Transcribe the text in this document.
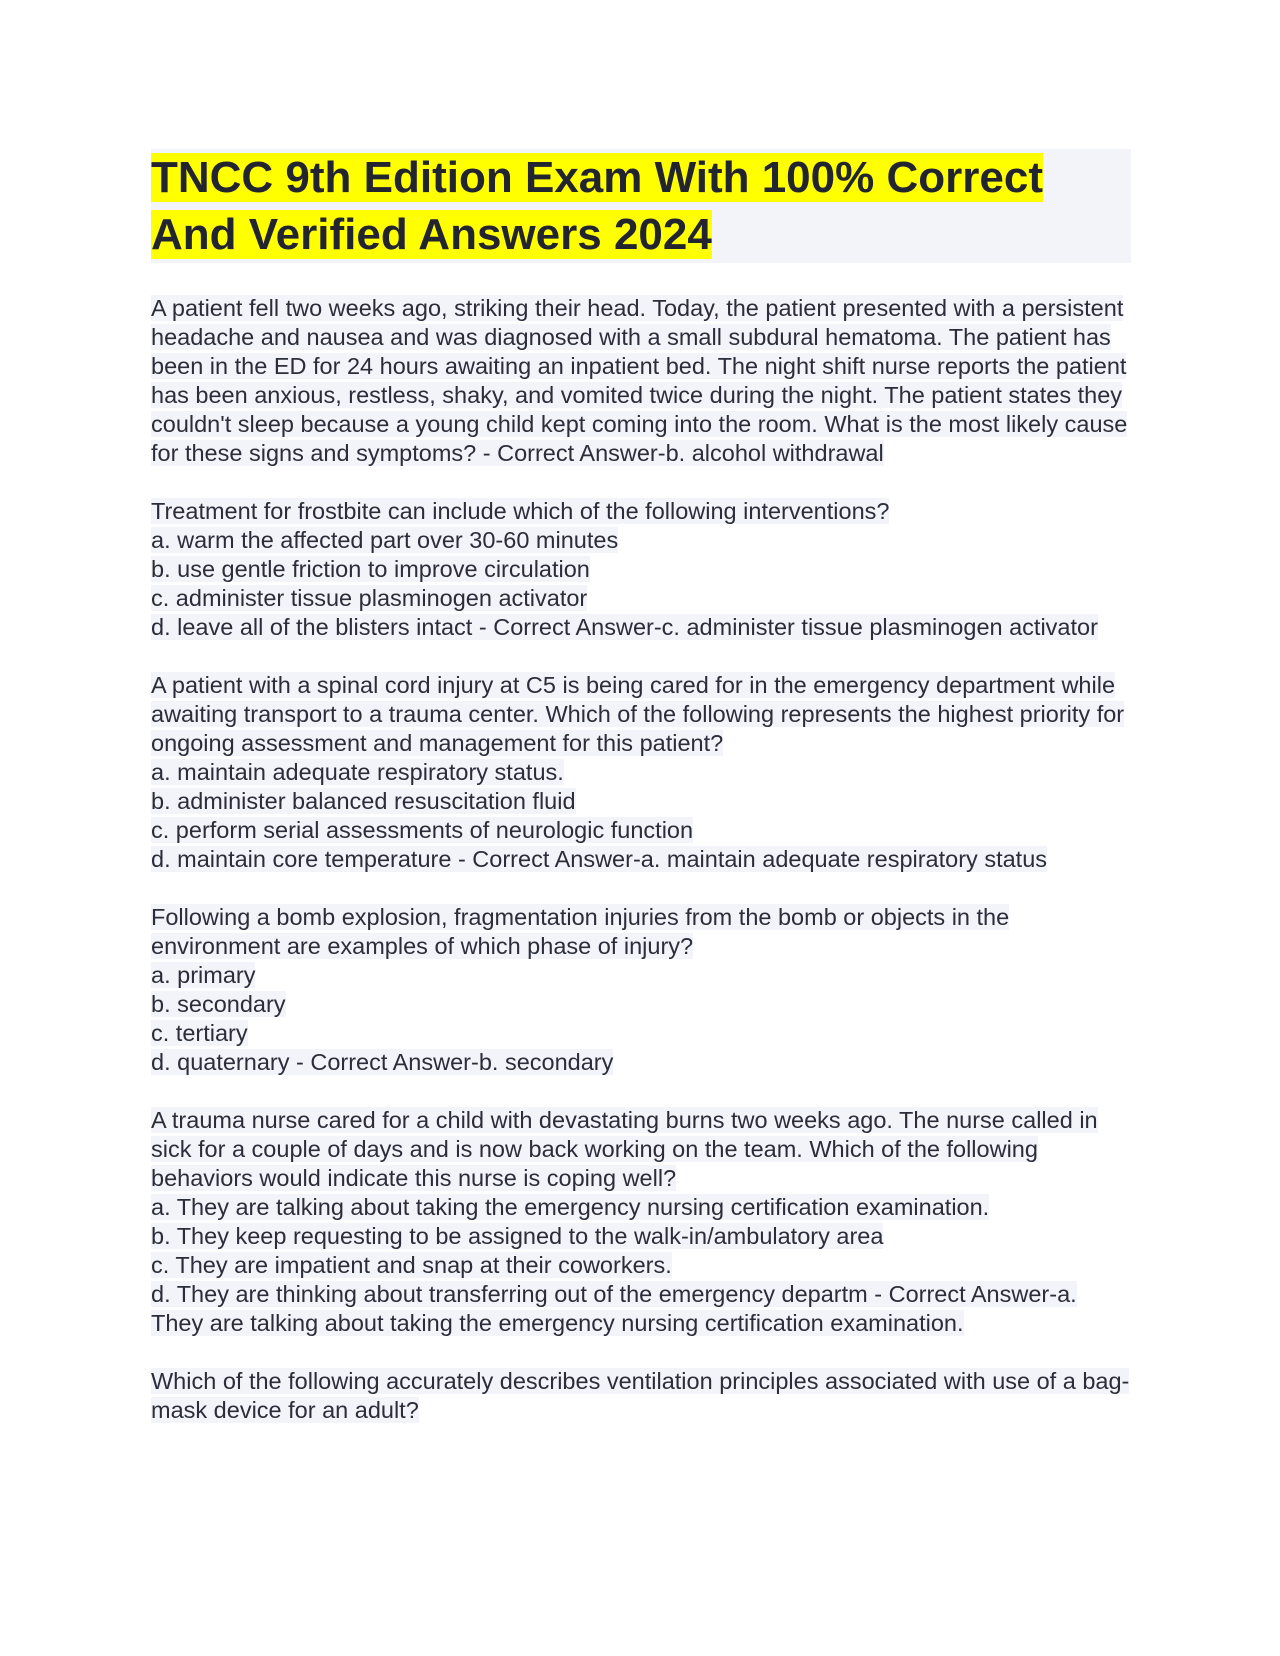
TNCC 9th Edition Exam With 100% Correct And Verified Answers 2024
A patient fell two weeks ago, striking their head. Today, the patient presented with a persistent headache and nausea and was diagnosed with a small subdural hematoma. The patient has been in the ED for 24 hours awaiting an inpatient bed. The night shift nurse reports the patient has been anxious, restless, shaky, and vomited twice during the night. The patient states they couldn't sleep because a young child kept coming into the room. What is the most likely cause for these signs and symptoms? - Correct Answer-b. alcohol withdrawal
Treatment for frostbite can include which of the following interventions?
a. warm the affected part over 30-60 minutes
b. use gentle friction to improve circulation
c. administer tissue plasminogen activator
d. leave all of the blisters intact - Correct Answer-c. administer tissue plasminogen activator
A patient with a spinal cord injury at C5 is being cared for in the emergency department while awaiting transport to a trauma center. Which of the following represents the highest priority for ongoing assessment and management for this patient?
a. maintain adequate respiratory status.
b. administer balanced resuscitation fluid
c. perform serial assessments of neurologic function
d. maintain core temperature - Correct Answer-a. maintain adequate respiratory status
Following a bomb explosion, fragmentation injuries from the bomb or objects in the environment are examples of which phase of injury?
a. primary
b. secondary
c. tertiary
d. quaternary - Correct Answer-b. secondary
A trauma nurse cared for a child with devastating burns two weeks ago. The nurse called in sick for a couple of days and is now back working on the team. Which of the following behaviors would indicate this nurse is coping well?
a. They are talking about taking the emergency nursing certification examination.
b. They keep requesting to be assigned to the walk-in/ambulatory area
c. They are impatient and snap at their coworkers.
d. They are thinking about transferring out of the emergency departm - Correct Answer-a. They are talking about taking the emergency nursing certification examination.
Which of the following accurately describes ventilation principles associated with use of a bag-mask device for an adult?
